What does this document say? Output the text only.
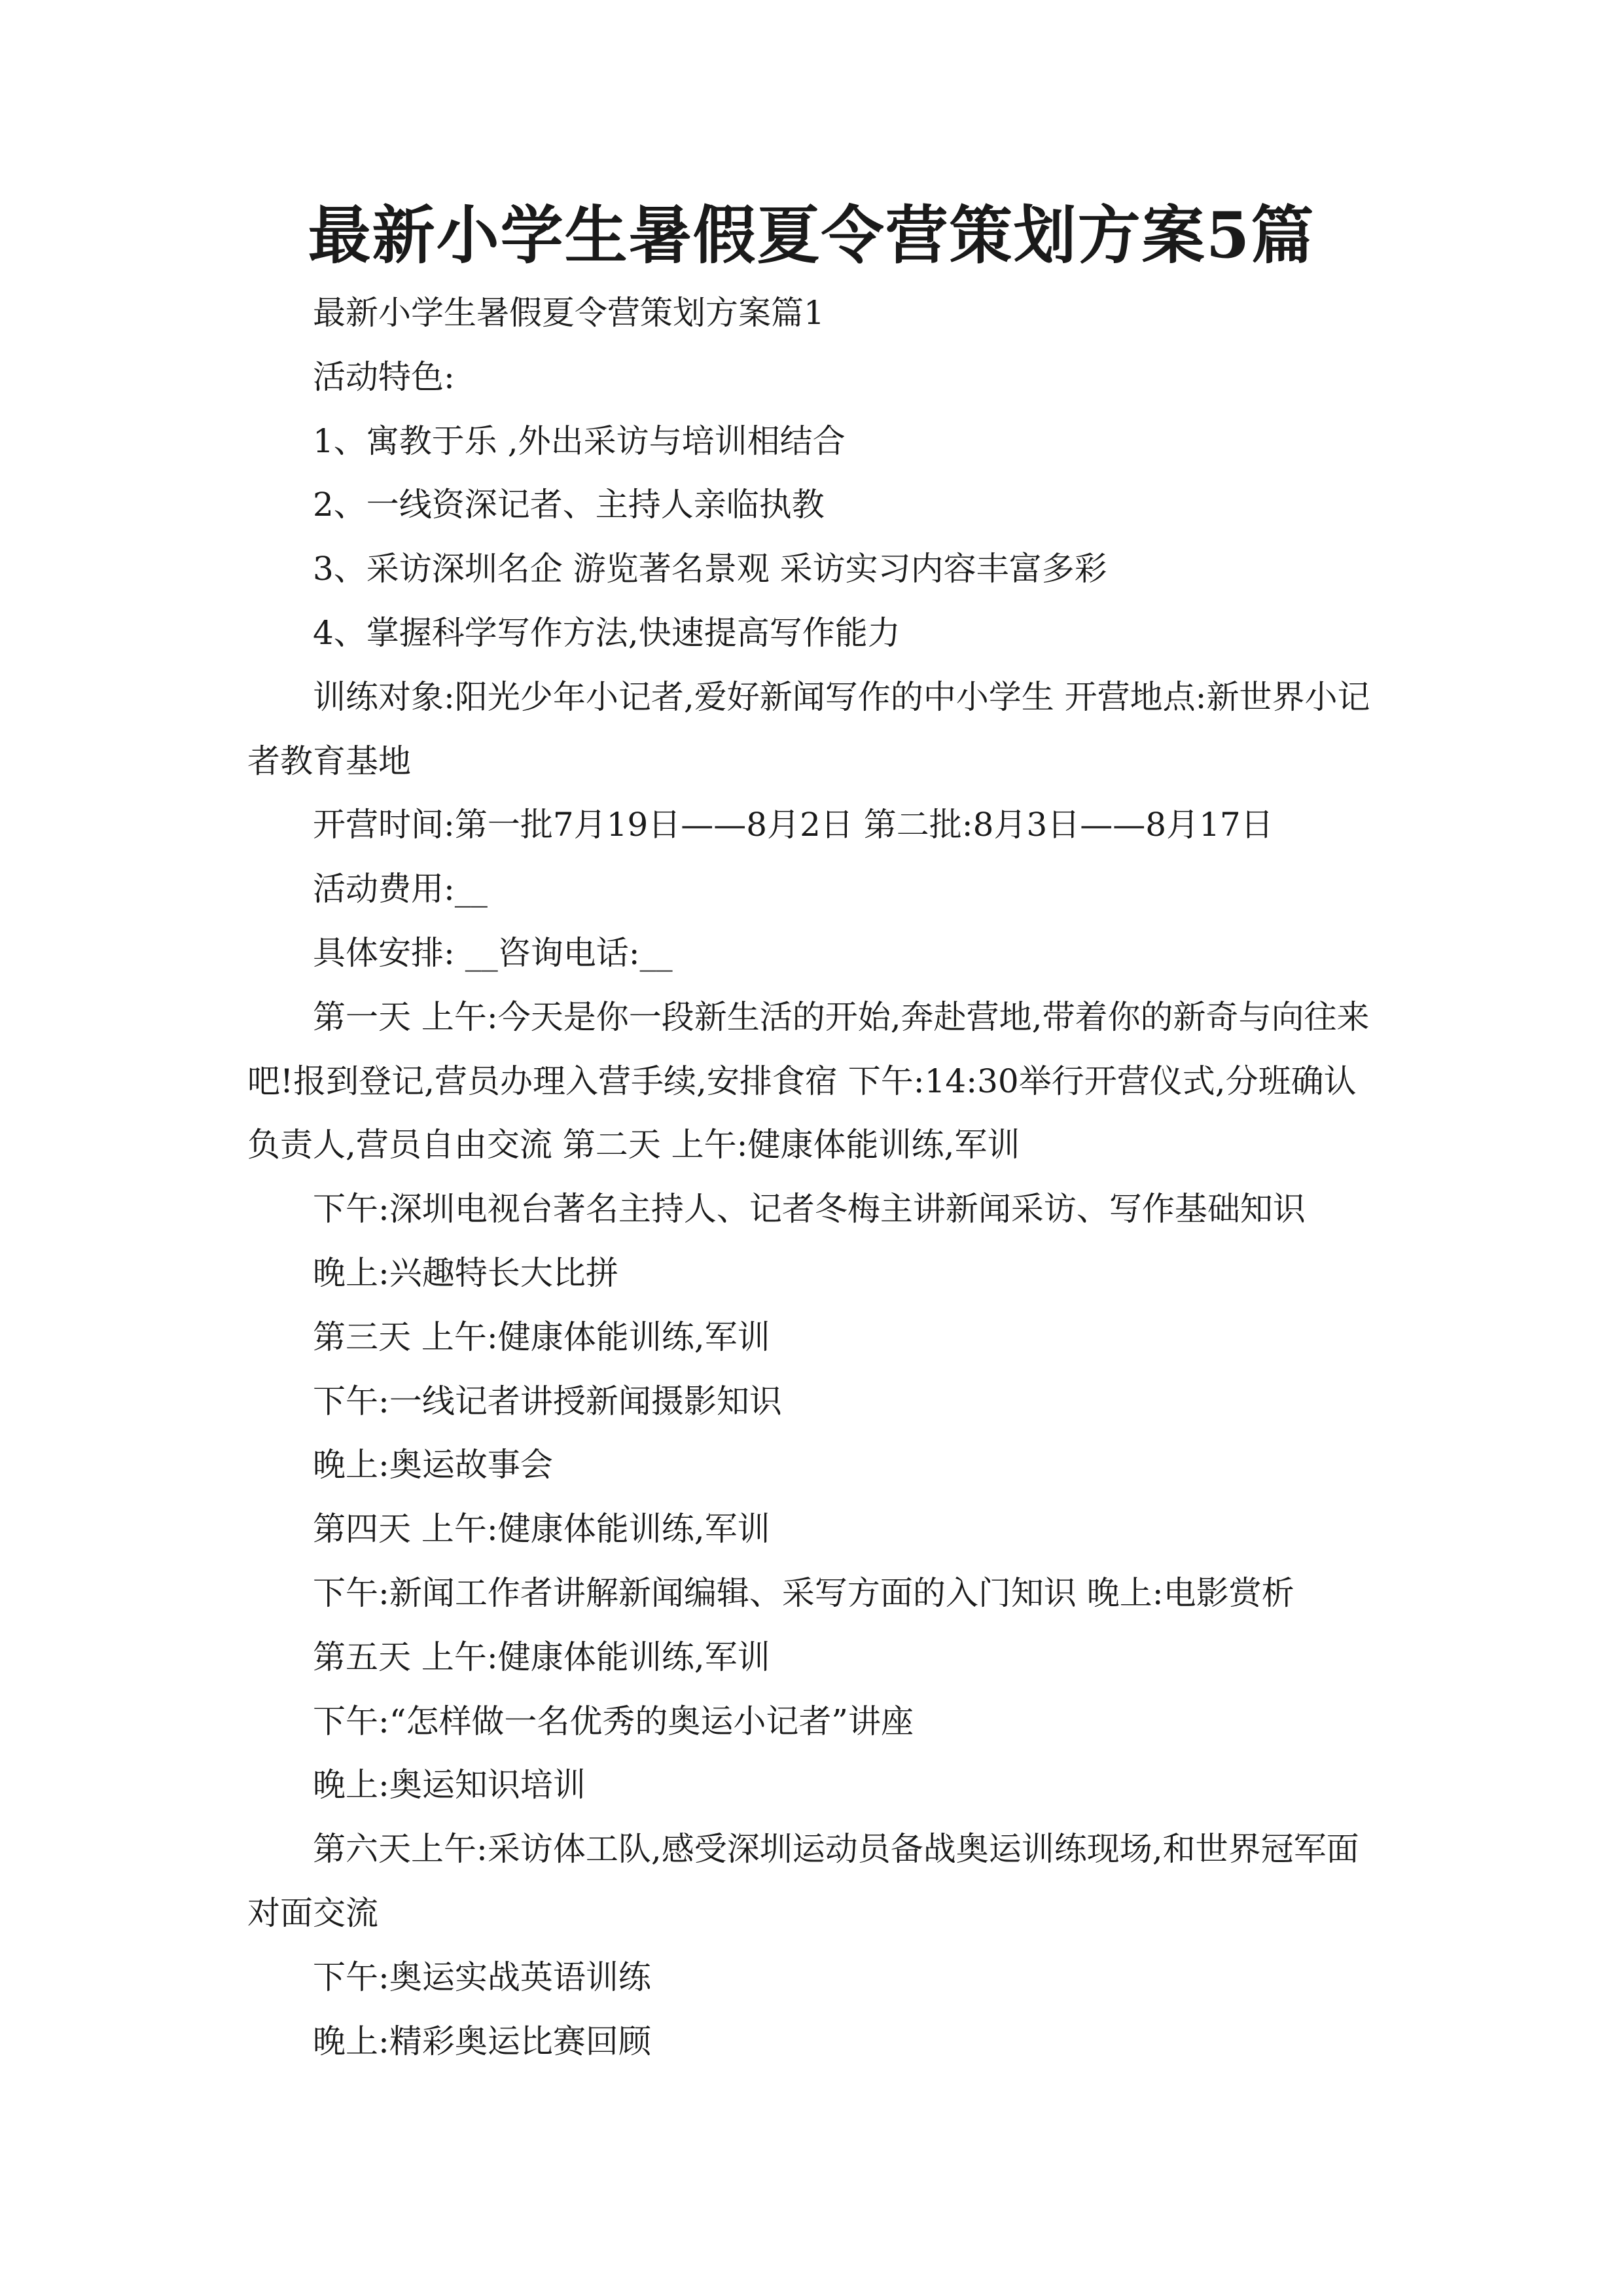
最新小学生暑假夏令营策划方案5篇

最新小学生暑假夏令营策划方案篇1

活动特色:

1、寓教于乐 ,外出采访与培训相结合

2、一线资深记者、主持人亲临执教

3、采访深圳名企 游览著名景观 采访实习内容丰富多彩

4、掌握科学写作方法,快速提高写作能力

训练对象:阳光少年小记者,爱好新闻写作的中小学生 开营地点:新世界小记者教育基地

开营时间:第一批7月19日——8月2日 第二批:8月3日——8月17日

活动费用:__

具体安排: __咨询电话:__

第一天 上午:今天是你一段新生活的开始,奔赴营地,带着你的新奇与向往来吧!报到登记,营员办理入营手续,安排食宿 下午:14:30举行开营仪式,分班确认负责人,营员自由交流 第二天 上午:健康体能训练,军训

下午:深圳电视台著名主持人、记者冬梅主讲新闻采访、写作基础知识

晚上:兴趣特长大比拼

第三天 上午:健康体能训练,军训

下午:一线记者讲授新闻摄影知识

晚上:奥运故事会

第四天 上午:健康体能训练,军训

下午:新闻工作者讲解新闻编辑、采写方面的入门知识 晚上:电影赏析

第五天 上午:健康体能训练,军训

下午:“怎样做一名优秀的奥运小记者”讲座

晚上:奥运知识培训

第六天上午:采访体工队,感受深圳运动员备战奥运训练现场,和世界冠军面对面交流

下午:奥运实战英语训练

晚上:精彩奥运比赛回顾
